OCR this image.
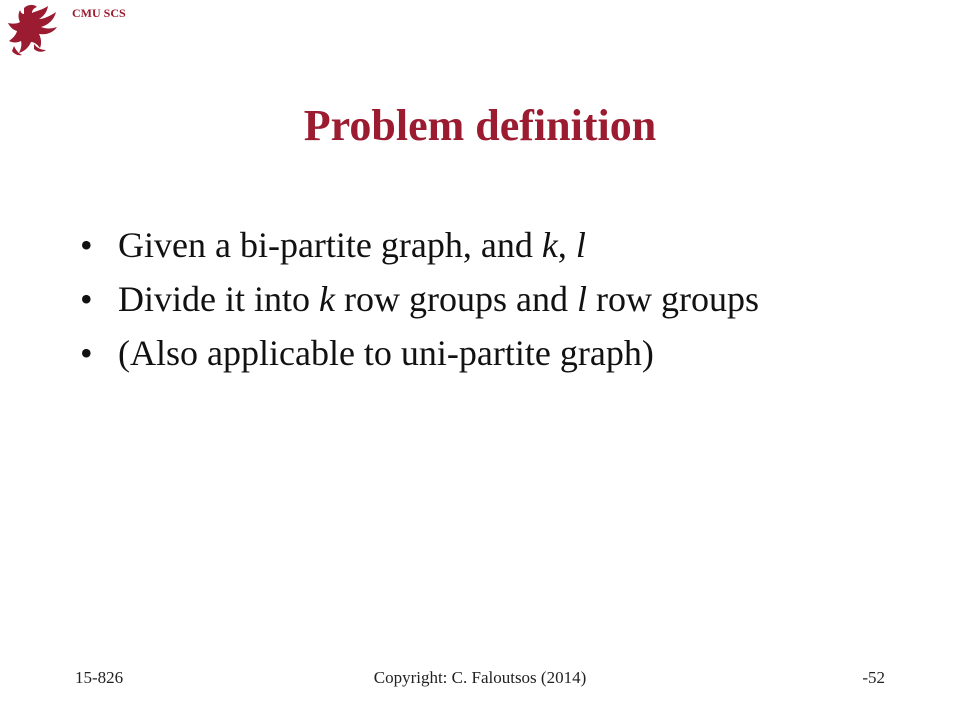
CMU SCS
Problem definition
• Given a bi-partite graph, and k, l
• Divide it into k row groups and l row groups
• (Also applicable to uni-partite graph)
15-826	Copyright: C. Faloutsos (2014)	-52
